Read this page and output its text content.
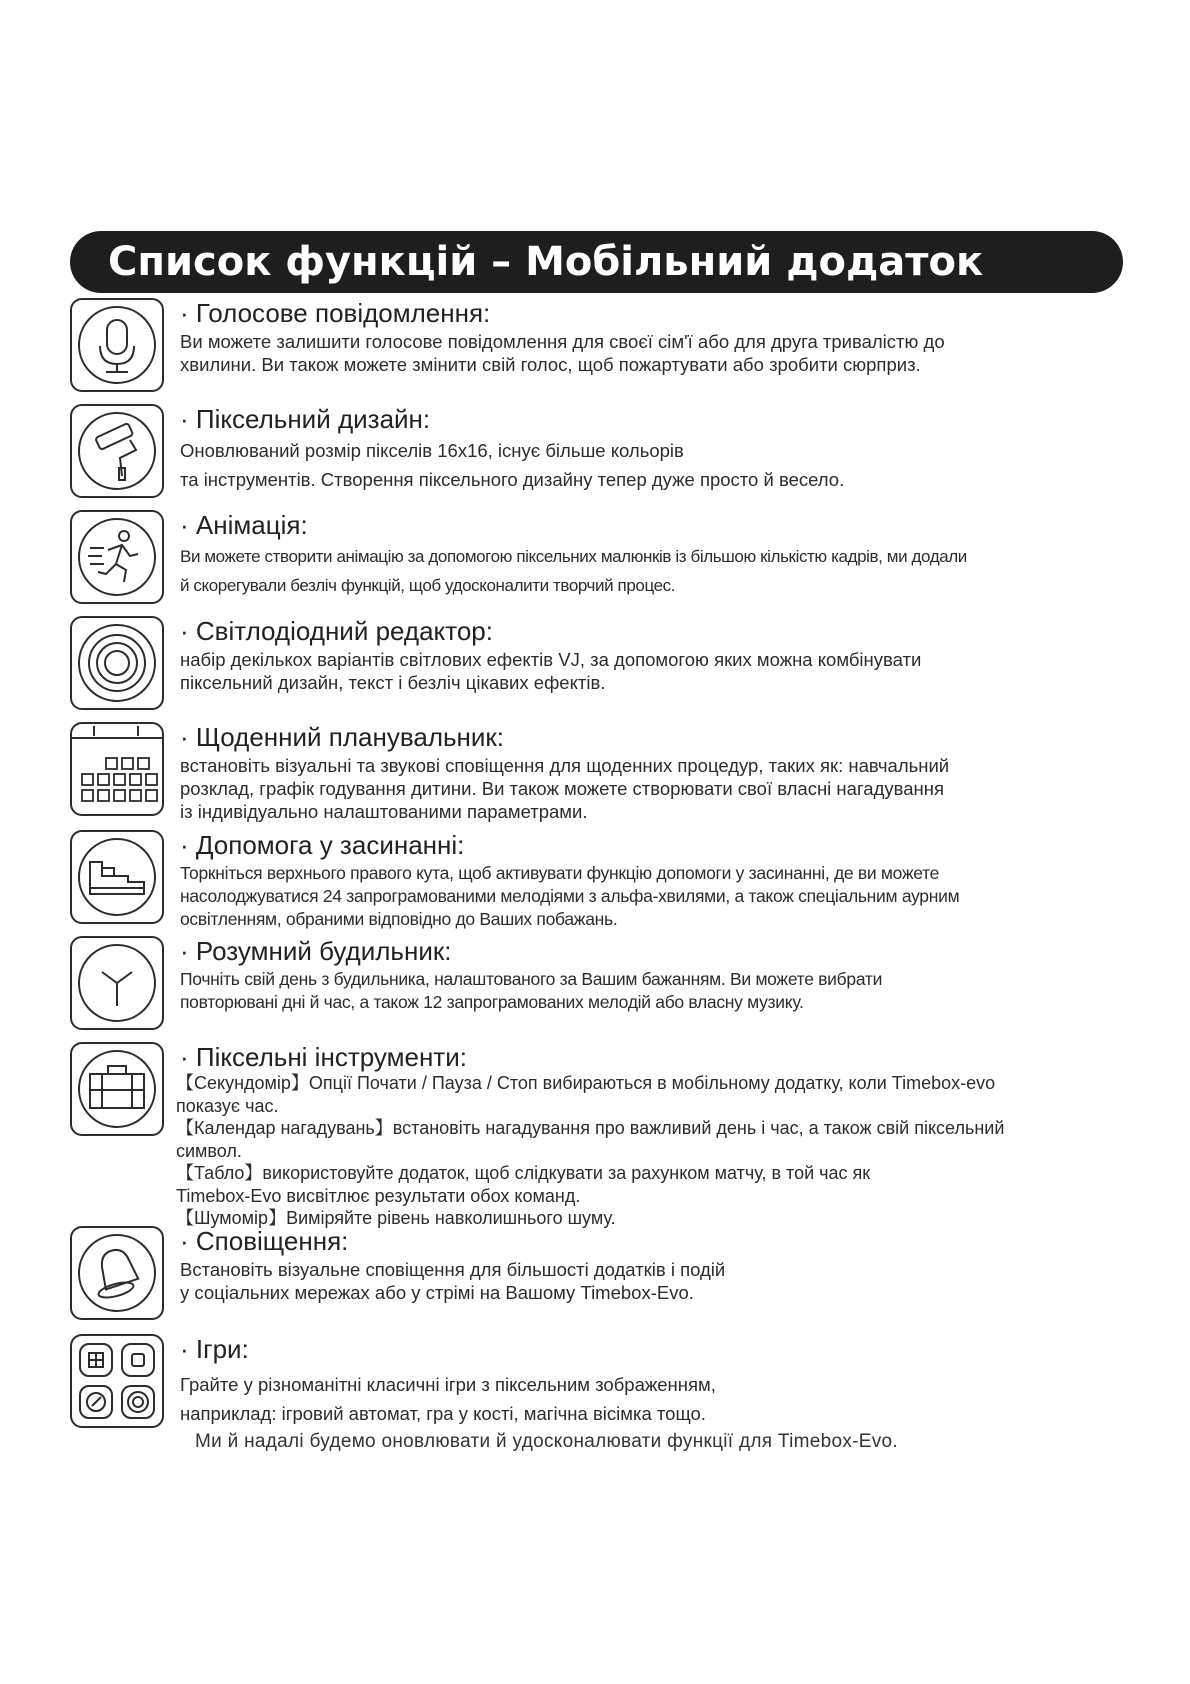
Список функцій – Мобільний додаток
· Голосове повідомлення:

Ви можете залишити голосове повідомлення для своєї сім'ї або для друга тривалістю до

хвилини. Ви також можете змінити свій голос, щоб пожартувати або зробити сюрприз.

· Піксельний дизайн:

Оновлюваний розмір пікселів 16х16, існує більше кольорів

та інструментів. Створення піксельного дизайну тепер дуже просто й весело.

· Анімація:

Ви можете створити анімацію за допомогою піксельних малюнків із більшою кількістю кадрів, ми додали

й скорегували безліч функцій, щоб удосконалити творчий процес.

· Світлодіодний редактор:

набір декількох варіантів світлових ефектів VJ, за допомогою яких можна комбінувати

піксельний дизайн, текст і безліч цікавих ефектів.

· Щоденний планувальник:

встановіть візуальні та звукові сповіщення для щоденних процедур, таких як: навчальний

розклад, графік годування дитини. Ви також можете створювати свої власні нагадування

із індивідуально налаштованими параметрами.

· Допомога у засинанні:

Торкніться верхнього правого кута, щоб активувати функцію допомоги у засинанні, де ви можете

насолоджуватися 24 запрограмованими мелодіями з альфа-хвилями, а також спеціальним аурним

освітленням, обраними відповідно до Ваших побажань.

· Розумний будильник:

Почніть свій день з будильника, налаштованого за Вашим бажанням. Ви можете вибрати

повторювані дні й час, а також 12 запрограмованих мелодій або власну музику.

· Піксельні інструменти:

【Секундомір】Опції Почати / Пауза / Стоп вибираються в мобільному додатку, коли Timebox-evo

показує час.

【Календар нагадувань】встановіть нагадування про важливий день і час, а також свій піксельний

символ.

【Табло】використовуйте додаток, щоб слідкувати за рахунком матчу, в той час як

Timebox-Evo висвітлює результати обох команд.

【Шумомір】Виміряйте рівень навколишнього шуму.

· Сповіщення:

Встановіть візуальне сповіщення для більшості додатків і подій

у соціальних мережах або у стрімі на Вашому Timebox-Evo.

· Ігри:

Грайте у різноманітні класичні ігри з піксельним зображенням,

наприклад: ігровий автомат, гра у кості, магічна вісімка тощо.

Ми й надалі будемо оновлювати й удосконалювати функції для Timebox-Evo.
